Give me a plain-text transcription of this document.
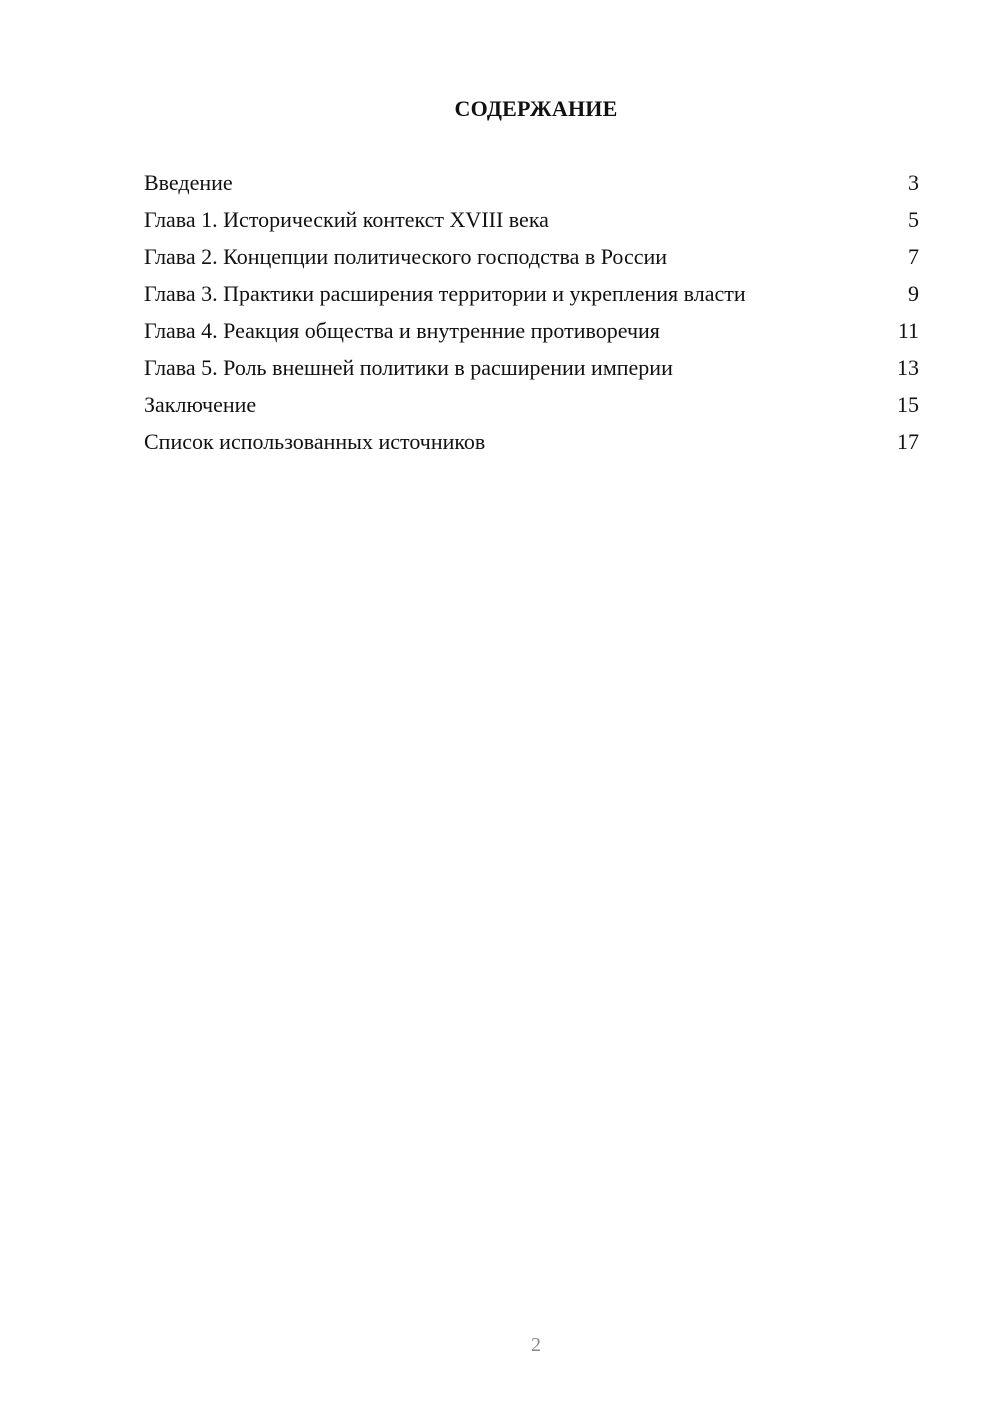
СОДЕРЖАНИЕ
Введение	3
Глава 1. Исторический контекст XVIII века	5
Глава 2. Концепции политического господства в России	7
Глава 3. Практики расширения территории и укрепления власти	9
Глава 4. Реакция общества и внутренние противоречия	11
Глава 5. Роль внешней политики в расширении империи	13
Заключение	15
Список использованных источников	17
2
